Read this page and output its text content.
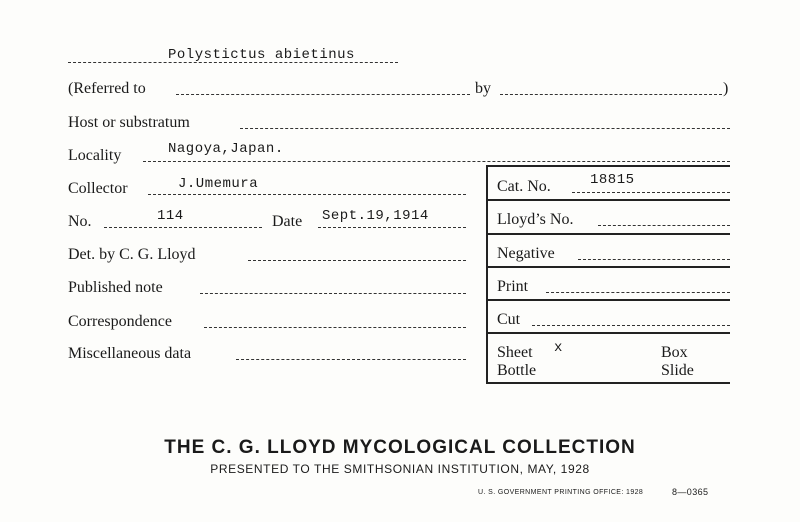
Polystictus abietinus
(Referred to	by	)
Host or substratum
Locality	Nagoya,Japan.
Collector	J.Umemura
No.	114	Date Sept.19,1914
Det. by C. G. Lloyd
Published note
Correspondence
Miscellaneous data
Cat. No.	18815
Lloyd’s No.
Negative
Print
Cut
Sheet x	Box
Bottle	Slide
THE C. G. LLOYD MYCOLOGICAL COLLECTION
PRESENTED TO THE SMITHSONIAN INSTITUTION, MAY, 1928
U. S. GOVERNMENT PRINTING OFFICE: 1928	8—0365
